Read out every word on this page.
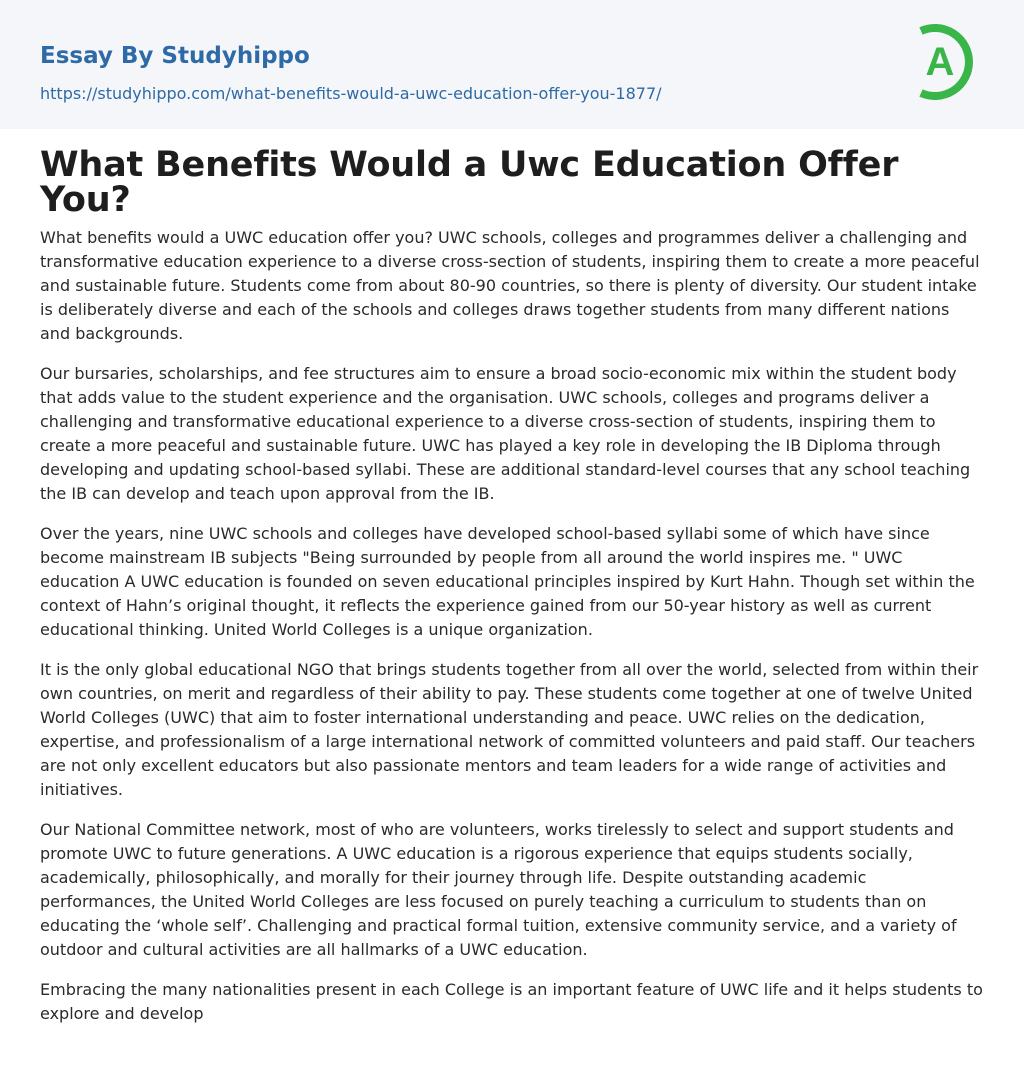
Essay By Studyhippo
https://studyhippo.com/what-benefits-would-a-uwc-education-offer-you-1877/
A
What Benefits Would a Uwc Education Offer You?

What benefits would a UWC education offer you? UWC schools, colleges and programmes deliver a challenging and transformative education experience to a diverse cross-section of students, inspiring them to create a more peaceful and sustainable future. Students come from about 80-90 countries, so there is plenty of diversity. Our student intake is deliberately diverse and each of the schools and colleges draws together students from many different nations and backgrounds.

Our bursaries, scholarships, and fee structures aim to ensure a broad socio-economic mix within the student body that adds value to the student experience and the organisation. UWC schools, colleges and programs deliver a challenging and transformative educational experience to a diverse cross-section of students, inspiring them to create a more peaceful and sustainable future. UWC has played a key role in developing the IB Diploma through developing and updating school-based syllabi. These are additional standard-level courses that any school teaching the IB can develop and teach upon approval from the IB.

Over the years, nine UWC schools and colleges have developed school-based syllabi some of which have since become mainstream IB subjects "Being surrounded by people from all around the world inspires me. " UWC education A UWC education is founded on seven educational principles inspired by Kurt Hahn. Though set within the context of Hahn’s original thought, it reflects the experience gained from our 50-year history as well as current educational thinking. United World Colleges is a unique organization.

It is the only global educational NGO that brings students together from all over the world, selected from within their own countries, on merit and regardless of their ability to pay. These students come together at one of twelve United World Colleges (UWC) that aim to foster international understanding and peace. UWC relies on the dedication, expertise, and professionalism of a large international network of committed volunteers and paid staff. Our teachers are not only excellent educators but also passionate mentors and team leaders for a wide range of activities and initiatives.

Our National Committee network, most of who are volunteers, works tirelessly to select and support students and promote UWC to future generations. A UWC education is a rigorous experience that equips students socially, academically, philosophically, and morally for their journey through life. Despite outstanding academic performances, the United World Colleges are less focused on purely teaching a curriculum to students than on educating the ‘whole self’. Challenging and practical formal tuition, extensive community service, and a variety of outdoor and cultural activities are all hallmarks of a UWC education.

Embracing the many nationalities present in each College is an important feature of UWC life and it helps students to explore and develop
